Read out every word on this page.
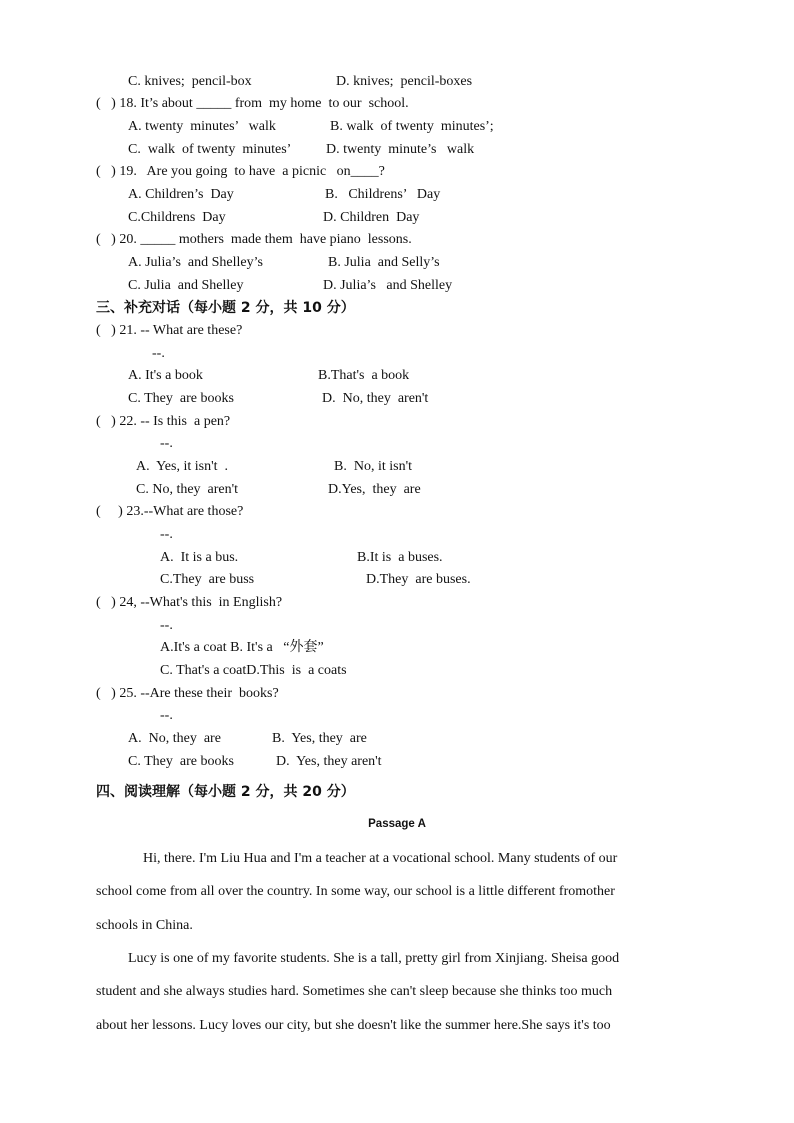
C. knives;  pencil-box	D. knives;  pencil-boxes
(   ) 18. It’s about _____ from  my home  to our  school.
A. twenty  minutes’   walk	B. walk  of twenty  minutes’;
C.  walk  of twenty  minutes’ D. twenty  minute’s   walk
(   ) 19.   Are you going  to have  a picnic   on____?
A. Children’s  Day	B.   Childrens’   Day
C.Childrens  Day	D. Children  Day
(   ) 20. _____ mothers  made them  have piano  lessons.
A. Julia’s  and Shelley’s	B. Julia  and Selly’s
C. Julia  and Shelley	D. Julia’s   and Shelley
三、补充对话（每小题 2 分，共 10 分）
(   ) 21. -- What are these?
--.
A. It's a book	B.That's  a book
C. They  are books	D.  No, they  aren't
(   ) 22. -- Is this  a pen?
--.
A.  Yes, it isn't  .	B.  No, it isn't
C. No, they  aren't	D.Yes,  they  are
(     ) 23.--What are those?
--.
A.  It is a bus.	B.It is  a buses.
C.They  are buss	D.They  are buses.
(   ) 24, --What's this  in English?
--.
A.It's a coat B. It's a   “外套”
C. That's a coatD.This  is  a coats
(   ) 25. --Are these their  books?
--.
A.  No, they  are	B.  Yes, they  are
C. They  are books	D.  Yes, they aren't
四、阅读理解（每小题 2 分，共 20 分）
Passage A
Hi, there. I'm Liu Hua and I'm a teacher at a vocational school. Many students of our
school come from all over the country. In some way, our school is a little different fromother
schools in China.
Lucy is one of my favorite students. She is a tall, pretty girl from Xinjiang. Sheisa good
student and she always studies hard. Sometimes she can't sleep because she thinks too much
about her lessons. Lucy loves our city, but she doesn't like the summer here.She says it's too
